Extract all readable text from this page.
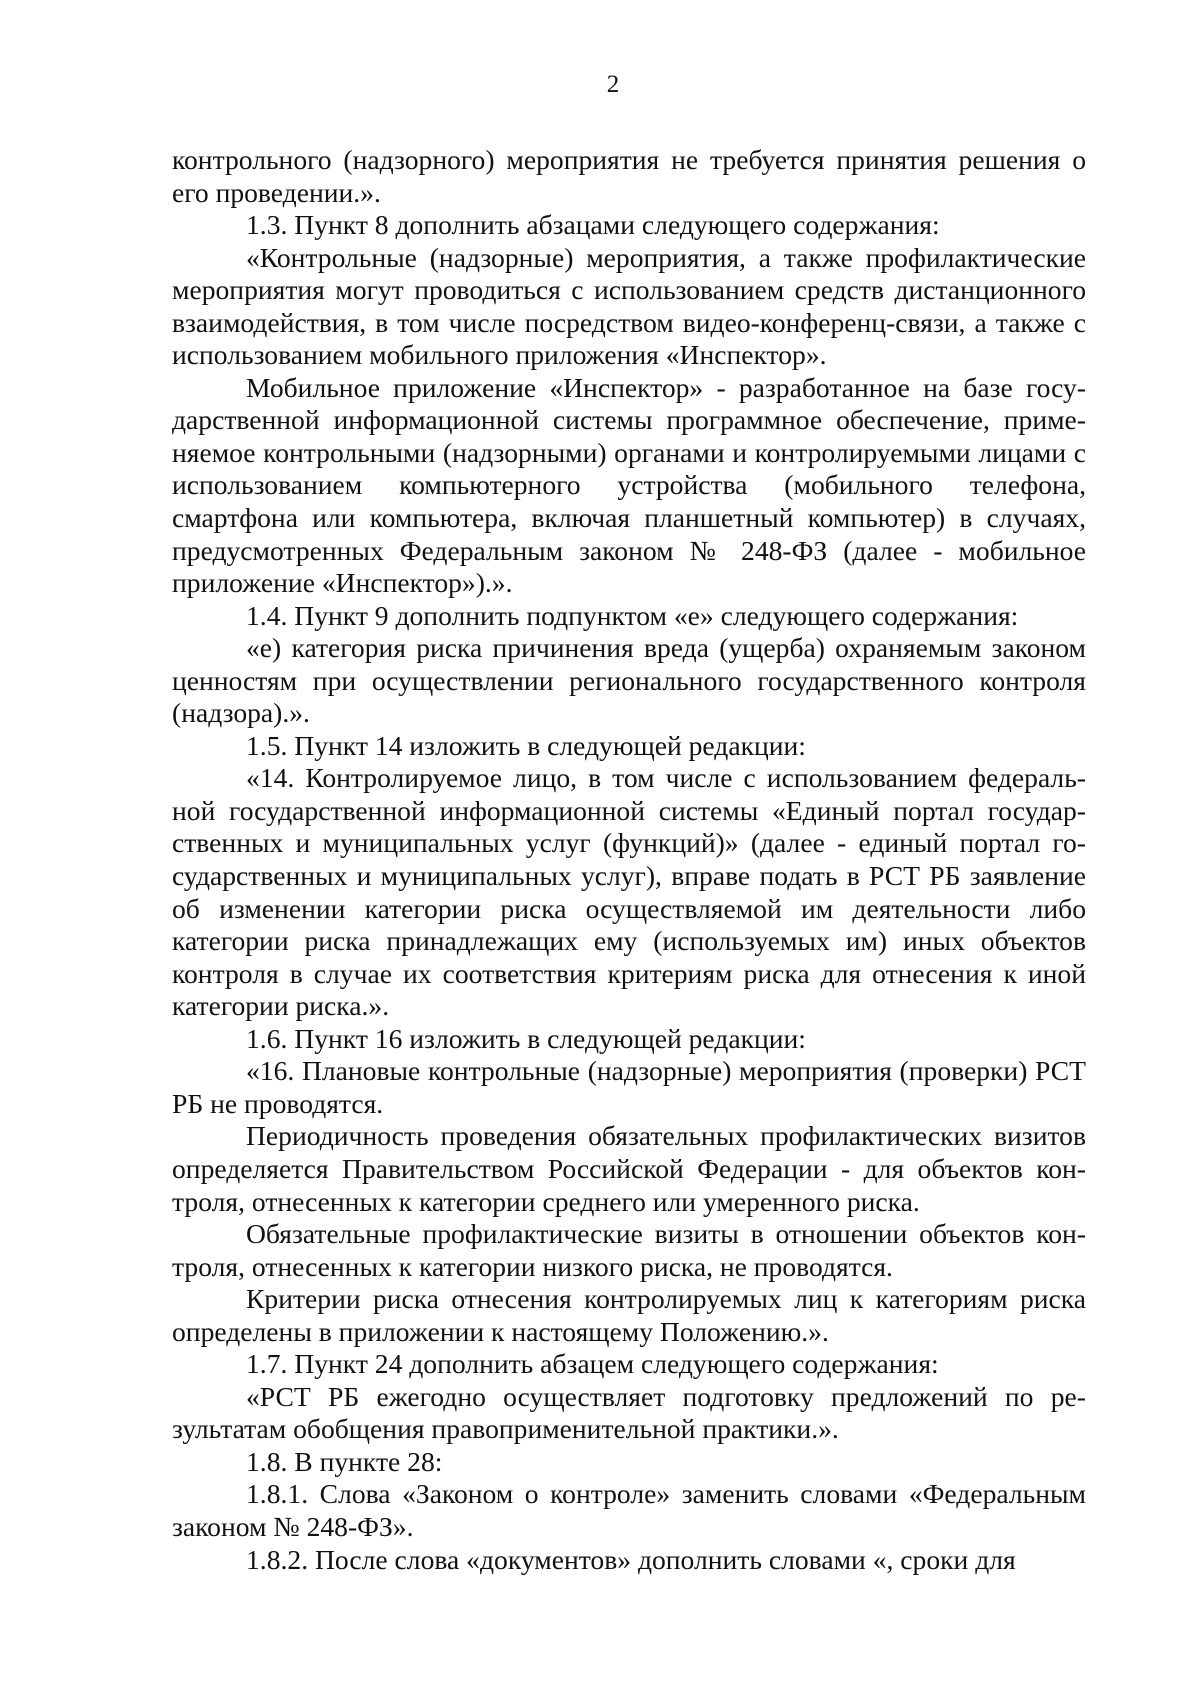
2

контрольного (надзорного) мероприятия не требуется принятия решения о его проведении.».

1.3. Пункт 8 дополнить абзацами следующего содержания:

«Контрольные (надзорные) мероприятия, а также профилактические мероприятия могут проводиться с использованием средств дистанционного взаимодействия, в том числе посредством видео-конференц-связи, а также с использованием мобильного приложения «Инспектор».

Мобильное приложение «Инспектор» - разработанное на базе государственной информационной системы программное обеспечение, применяемое контрольными (надзорными) органами и контролируемыми лицами с использованием компьютерного устройства (мобильного телефона, смартфона или компьютера, включая планшетный компьютер) в случаях, предусмотренных Федеральным законом № 248-ФЗ (далее - мобильное приложение «Инспектор»).».

1.4. Пункт 9 дополнить подпунктом «е» следующего содержания:

«е) категория риска причинения вреда (ущерба) охраняемым законом ценностям при осуществлении регионального государственного контроля (надзора).».

1.5. Пункт 14 изложить в следующей редакции:

«14. Контролируемое лицо, в том числе с использованием федеральной государственной информационной системы «Единый портал государственных и муниципальных услуг (функций)» (далее - единый портал государственных и муниципальных услуг), вправе подать в РСТ РБ заявление об изменении категории риска осуществляемой им деятельности либо категории риска принадлежащих ему (используемых им) иных объектов контроля в случае их соответствия критериям риска для отнесения к иной категории риска.».

1.6. Пункт 16 изложить в следующей редакции:

«16. Плановые контрольные (надзорные) мероприятия (проверки) РСТ РБ не проводятся.

Периодичность проведения обязательных профилактических визитов определяется Правительством Российской Федерации - для объектов контроля, отнесенных к категории среднего или умеренного риска.

Обязательные профилактические визиты в отношении объектов контроля, отнесенных к категории низкого риска, не проводятся.

Критерии риска отнесения контролируемых лиц к категориям риска определены в приложении к настоящему Положению.».

1.7. Пункт 24 дополнить абзацем следующего содержания:

«РСТ РБ ежегодно осуществляет подготовку предложений по результатам обобщения правоприменительной практики.».

1.8. В пункте 28:

1.8.1. Слова «Законом о контроле» заменить словами «Федеральным законом № 248-ФЗ».

1.8.2. После слова «документов» дополнить словами «, сроки для
